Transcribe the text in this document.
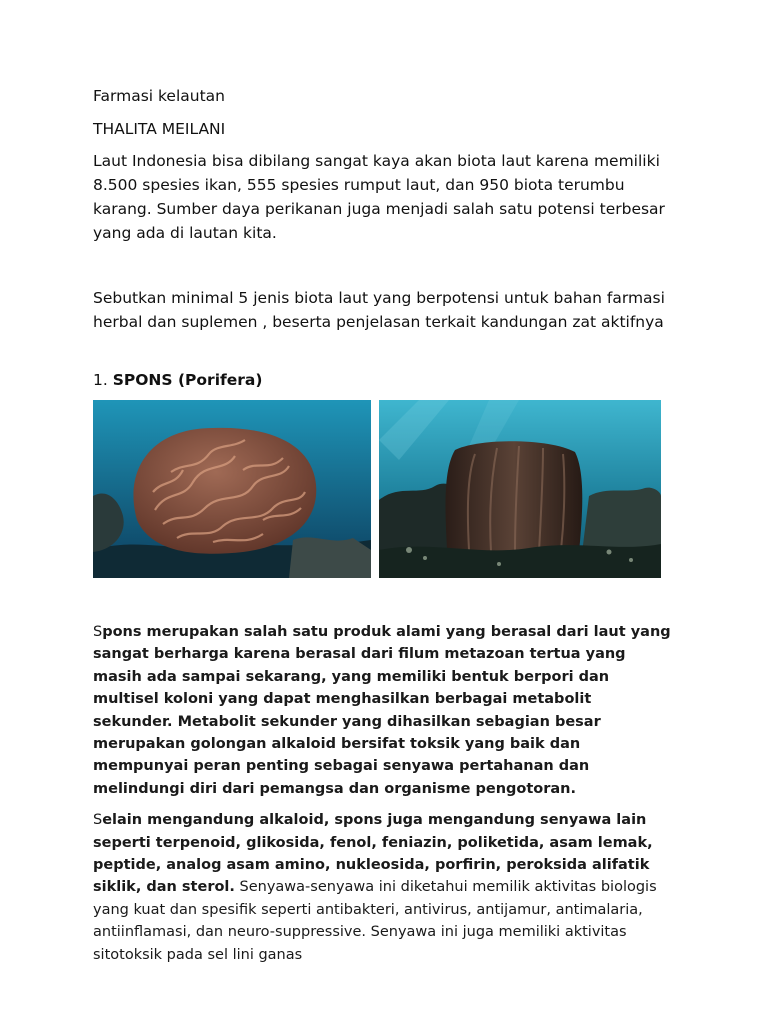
Farmasi kelautan

THALITA MEILANI

Laut Indonesia bisa dibilang sangat kaya akan biota laut karena memiliki 8.500 spesies ikan, 555 spesies rumput laut, dan 950 biota terumbu karang. Sumber daya perikanan juga menjadi salah satu potensi terbesar yang ada di lautan kita.

Sebutkan minimal 5 jenis biota laut yang berpotensi untuk bahan farmasi herbal dan suplemen , beserta penjelasan terkait kandungan zat aktifnya

1. SPONS (Porifera)

Spons merupakan salah satu produk alami yang berasal dari laut yang sangat berharga karena berasal dari filum metazoan tertua yang masih ada sampai sekarang, yang memiliki bentuk berpori dan multisel koloni yang dapat menghasilkan berbagai metabolit sekunder. Metabolit sekunder yang dihasilkan sebagian besar merupakan golongan alkaloid bersifat toksik yang baik dan mempunyai peran penting sebagai senyawa pertahanan dan melindungi diri dari pemangsa dan organisme pengotoran.

Selain mengandung alkaloid, spons juga mengandung senyawa lain seperti terpenoid, glikosida, fenol, feniazin, poliketida, asam lemak, peptide, analog asam amino, nukleosida, porfirin, peroksida alifatik siklik, dan sterol. Senyawa-senyawa ini diketahui memilik aktivitas biologis yang kuat dan spesifik seperti antibakteri, antivirus, antijamur, antimalaria, antiinflamasi, dan neuro-suppressive. Senyawa ini juga memiliki aktivitas sitotoksik pada sel lini ganas
